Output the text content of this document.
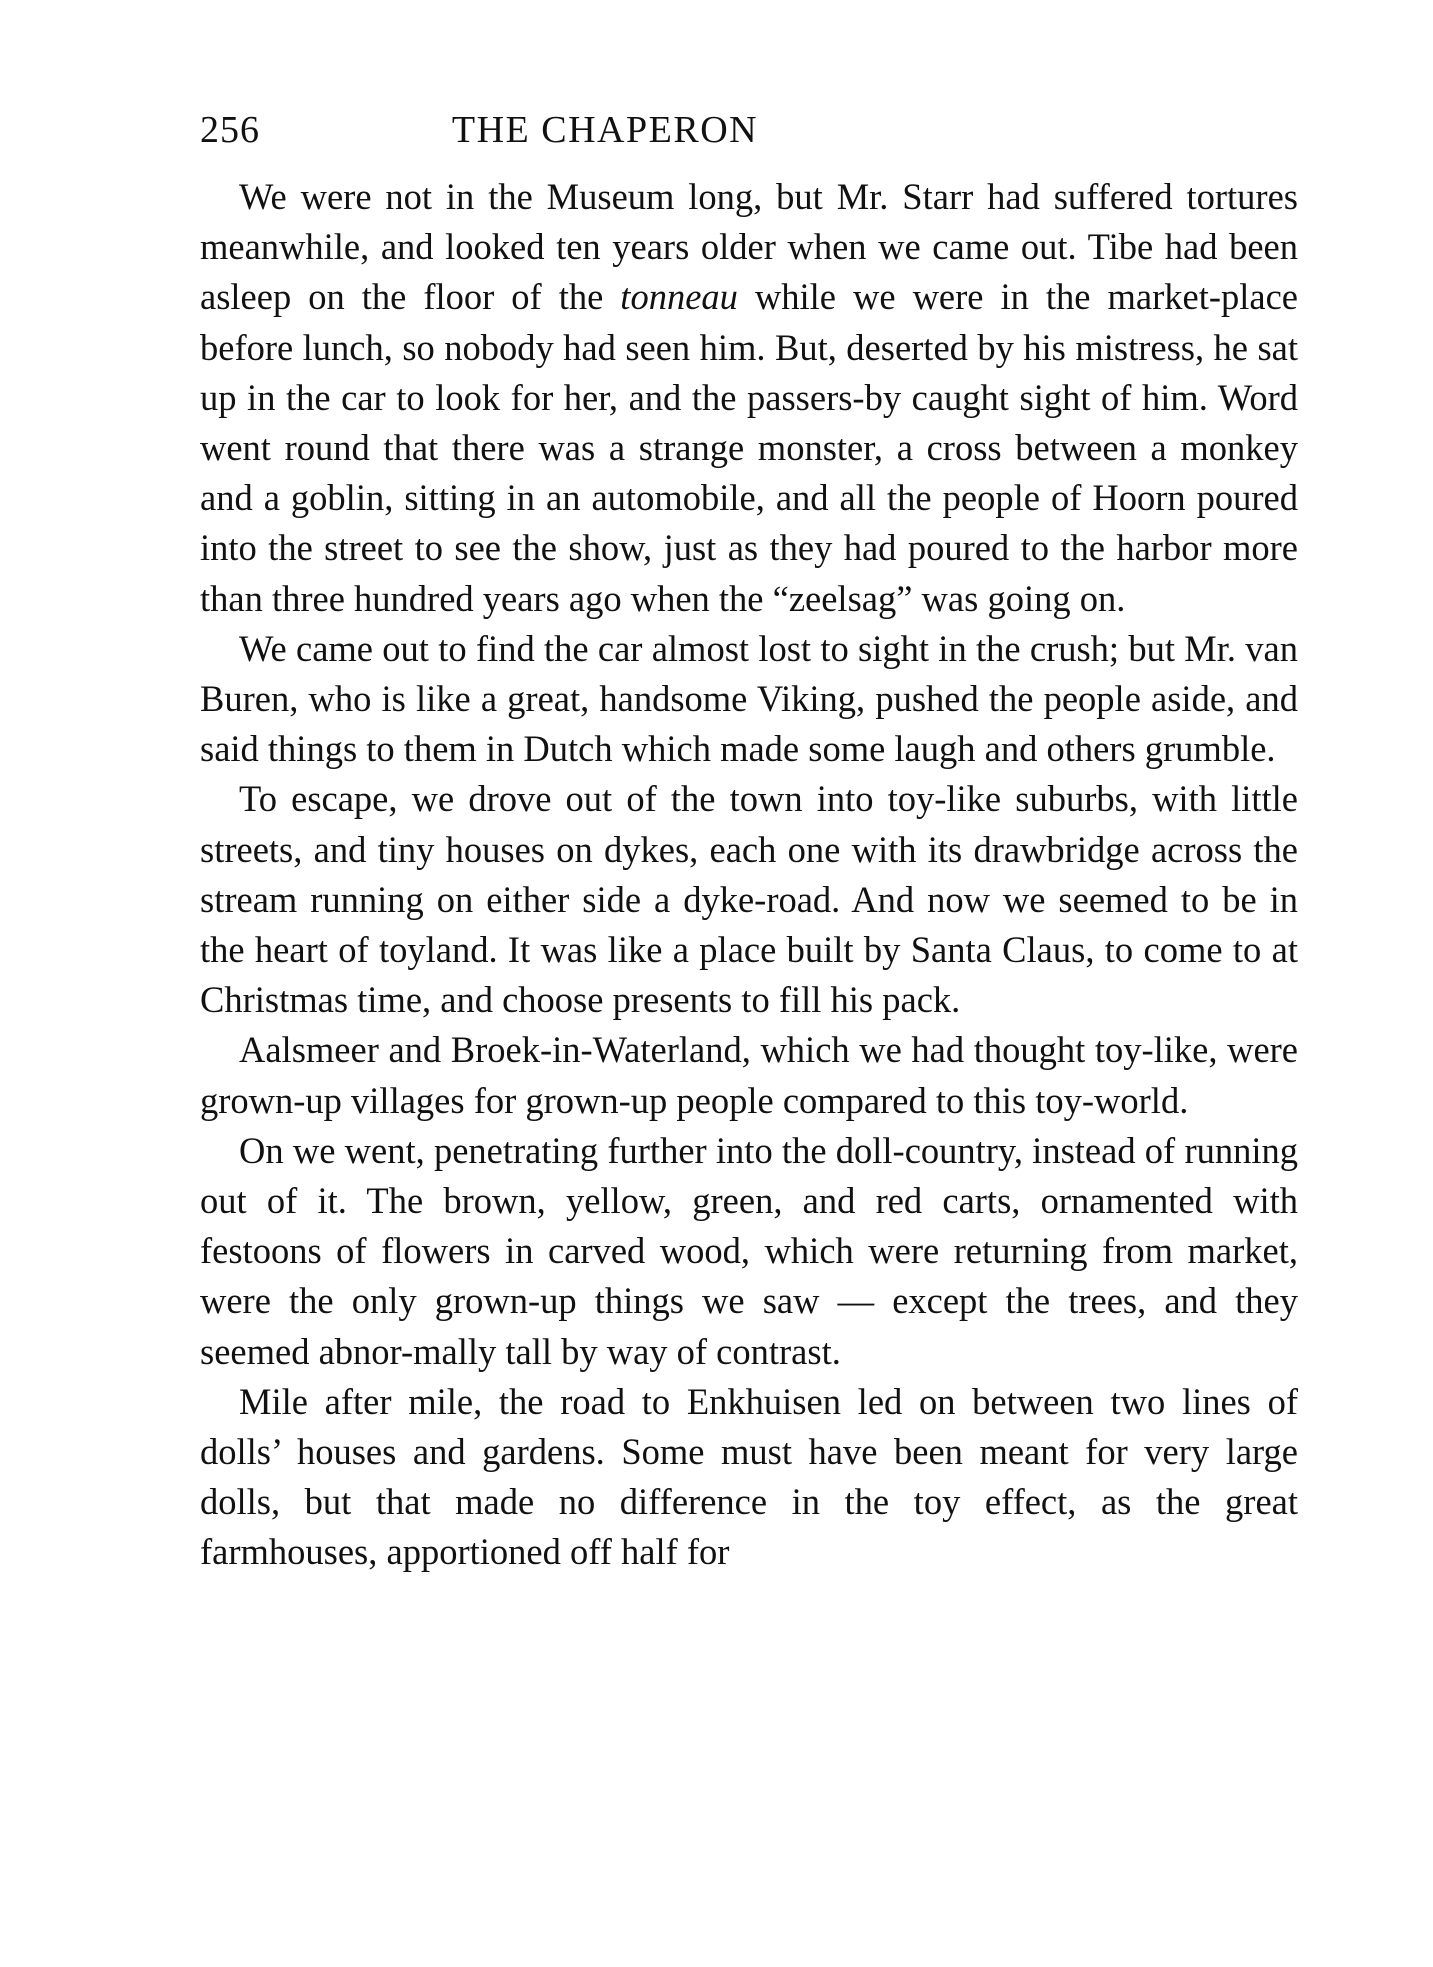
256	THE CHAPERON

We were not in the Museum long, but Mr. Starr had suffered tortures meanwhile, and looked ten years older when we came out. Tibe had been asleep on the floor of the tonneau while we were in the market-place before lunch, so nobody had seen him. But, deserted by his mistress, he sat up in the car to look for her, and the passers-by caught sight of him. Word went round that there was a strange monster, a cross between a monkey and a goblin, sitting in an automobile, and all the people of Hoorn poured into the street to see the show, just as they had poured to the harbor more than three hundred years ago when the “zeelsag” was going on.

We came out to find the car almost lost to sight in the crush; but Mr. van Buren, who is like a great, handsome Viking, pushed the people aside, and said things to them in Dutch which made some laugh and others grumble.

To escape, we drove out of the town into toy-like suburbs, with little streets, and tiny houses on dykes, each one with its drawbridge across the stream running on either side a dyke-road. And now we seemed to be in the heart of toyland. It was like a place built by Santa Claus, to come to at Christmas time, and choose presents to fill his pack.

Aalsmeer and Broek-in-Waterland, which we had thought toy-like, were grown-up villages for grown-up people compared to this toy-world.

On we went, penetrating further into the doll-country, instead of running out of it. The brown, yellow, green, and red carts, ornamented with festoons of flowers in carved wood, which were returning from market, were the only grown-up things we saw — except the trees, and they seemed abnor-mally tall by way of contrast.

Mile after mile, the road to Enkhuisen led on between two lines of dolls’ houses and gardens. Some must have been meant for very large dolls, but that made no difference in the toy effect, as the great farmhouses, apportioned off half for
